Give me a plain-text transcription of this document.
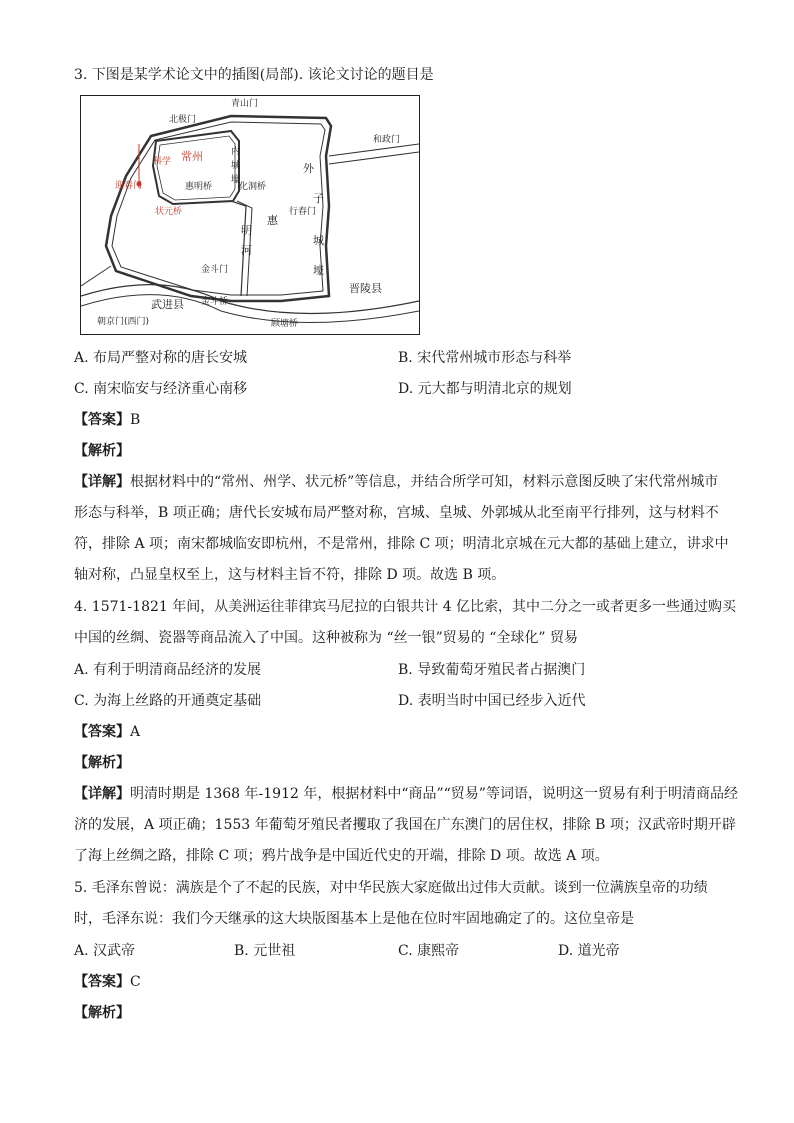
3. 下图是某学术论文中的插图(局部). 该论文讨论的题目是
青山门
北极门
和政门
科学 常州	内
城
壕
惠明桥	化洞桥
状元桥
迎春门
外
子
惠
明
河
行春门
城
壕
金斗门
金斗桥
武进县
晋陵县
朝京门(西门)	顾塘桥
A. 布局严整对称的唐长安城	B. 宋代常州城市形态与科举
C. 南宋临安与经济重心南移	D. 元大都与明清北京的规划
【答案】B
【解析】
【详解】根据材料中的“常州、州学、状元桥”等信息，并结合所学可知，材料示意图反映了宋代常州城市
形态与科举，B 项正确；唐代长安城布局严整对称，宫城、皇城、外郭城从北至南平行排列，这与材料不
符，排除 A 项；南宋都城临安即杭州，不是常州，排除 C 项；明清北京城在元大都的基础上建立，讲求中
轴对称，凸显皇权至上，这与材料主旨不符，排除 D 项。故选 B 项。
4. 1571-1821 年间，从美洲运往菲律宾马尼拉的白银共计 4 亿比索，其中二分之一或者更多一些通过购买
中国的丝绸、瓷器等商品流入了中国。这种被称为 “丝一银”贸易的 “全球化” 贸易
A. 有利于明清商品经济的发展	B. 导致葡萄牙殖民者占据澳门
C. 为海上丝路的开通奠定基础	D. 表明当时中国已经步入近代
【答案】A
【解析】
【详解】明清时期是 1368 年-1912 年，根据材料中“商品”“贸易”等词语，说明这一贸易有利于明清商品经
济的发展，A 项正确；1553 年葡萄牙殖民者攫取了我国在广东澳门的居住权，排除 B 项；汉武帝时期开辟
了海上丝绸之路，排除 C 项；鸦片战争是中国近代史的开端，排除 D 项。故选 A 项。
5. 毛泽东曾说：满族是个了不起的民族，对中华民族大家庭做出过伟大贡献。谈到一位满族皇帝的功绩
时，毛泽东说：我们今天继承的这大块版图基本上是他在位时牢固地确定了的。这位皇帝是
A. 汉武帝	B. 元世祖	C. 康熙帝	D. 道光帝
【答案】C
【解析】
